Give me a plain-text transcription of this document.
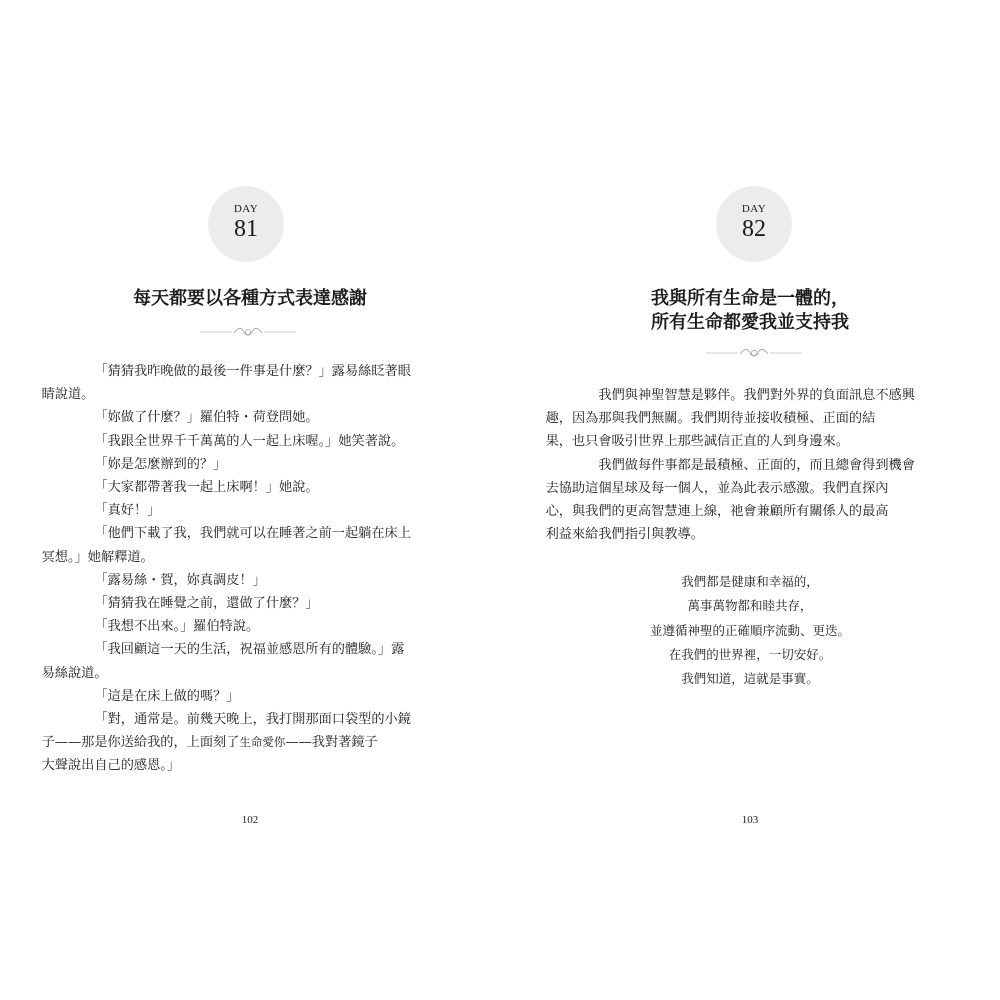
DAY
81
每天都要以各種方式表達感謝

「猜猜我昨晚做的最後一件事是什麼？」露易絲眨著眼
睛說道。

「妳做了什麼？」羅伯特・荷登問她。

「我跟全世界千千萬萬的人一起上床喔。」她笑著說。

「妳是怎麼辦到的？」

「大家都帶著我一起上床啊！」她說。

「真好！」

「他們下載了我，我們就可以在睡著之前一起躺在床上
冥想。」她解釋道。

「露易絲・賀，妳真調皮！」

「猜猜我在睡覺之前，還做了什麼？」

「我想不出來。」羅伯特說。

「我回顧這一天的生活，祝福並感恩所有的體驗。」露
易絲說道。

「這是在床上做的嗎？」

「對，通常是。前幾天晚上，我打開那面口袋型的小鏡
子——那是你送給我的，上面刻了生命愛你——我對著鏡子
大聲說出自己的感恩。」

102
DAY
82
我與所有生命是一體的，
所有生命都愛我並支持我

我們與神聖智慧是夥伴。我們對外界的負面訊息不感興
趣，因為那與我們無關。我們期待並接收積極、正面的結
果，也只會吸引世界上那些誠信正直的人到身邊來。

我們做每件事都是最積極、正面的，而且總會得到機會
去協助這個星球及每一個人，並為此表示感激。我們直探內
心，與我們的更高智慧連上線，祂會兼顧所有關係人的最高
利益來給我們指引與教導。

我們都是健康和幸福的，
萬事萬物都和睦共存，
並遵循神聖的正確順序流動、更迭。
在我們的世界裡，一切安好。
我們知道，這就是事實。
103
